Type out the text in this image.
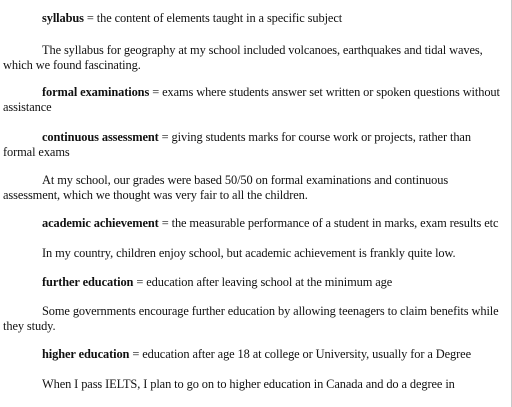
syllabus = the content of elements taught in a specific subject
The syllabus for geography at my school included volcanoes, earthquakes and tidal waves,
which we found fascinating.
formal examinations = exams where students answer set written or spoken questions without
assistance
continuous assessment = giving students marks for course work or projects, rather than
formal exams
At my school, our grades were based 50/50 on formal examinations and continuous
assessment, which we thought was very fair to all the children.
academic achievement = the measurable performance of a student in marks, exam results etc
In my country, children enjoy school, but academic achievement is frankly quite low.
further education = education after leaving school at the minimum age
Some governments encourage further education by allowing teenagers to claim benefits while
they study.
higher education = education after age 18 at college or University, usually for a Degree
When I pass IELTS, I plan to go on to higher education in Canada and do a degree in
